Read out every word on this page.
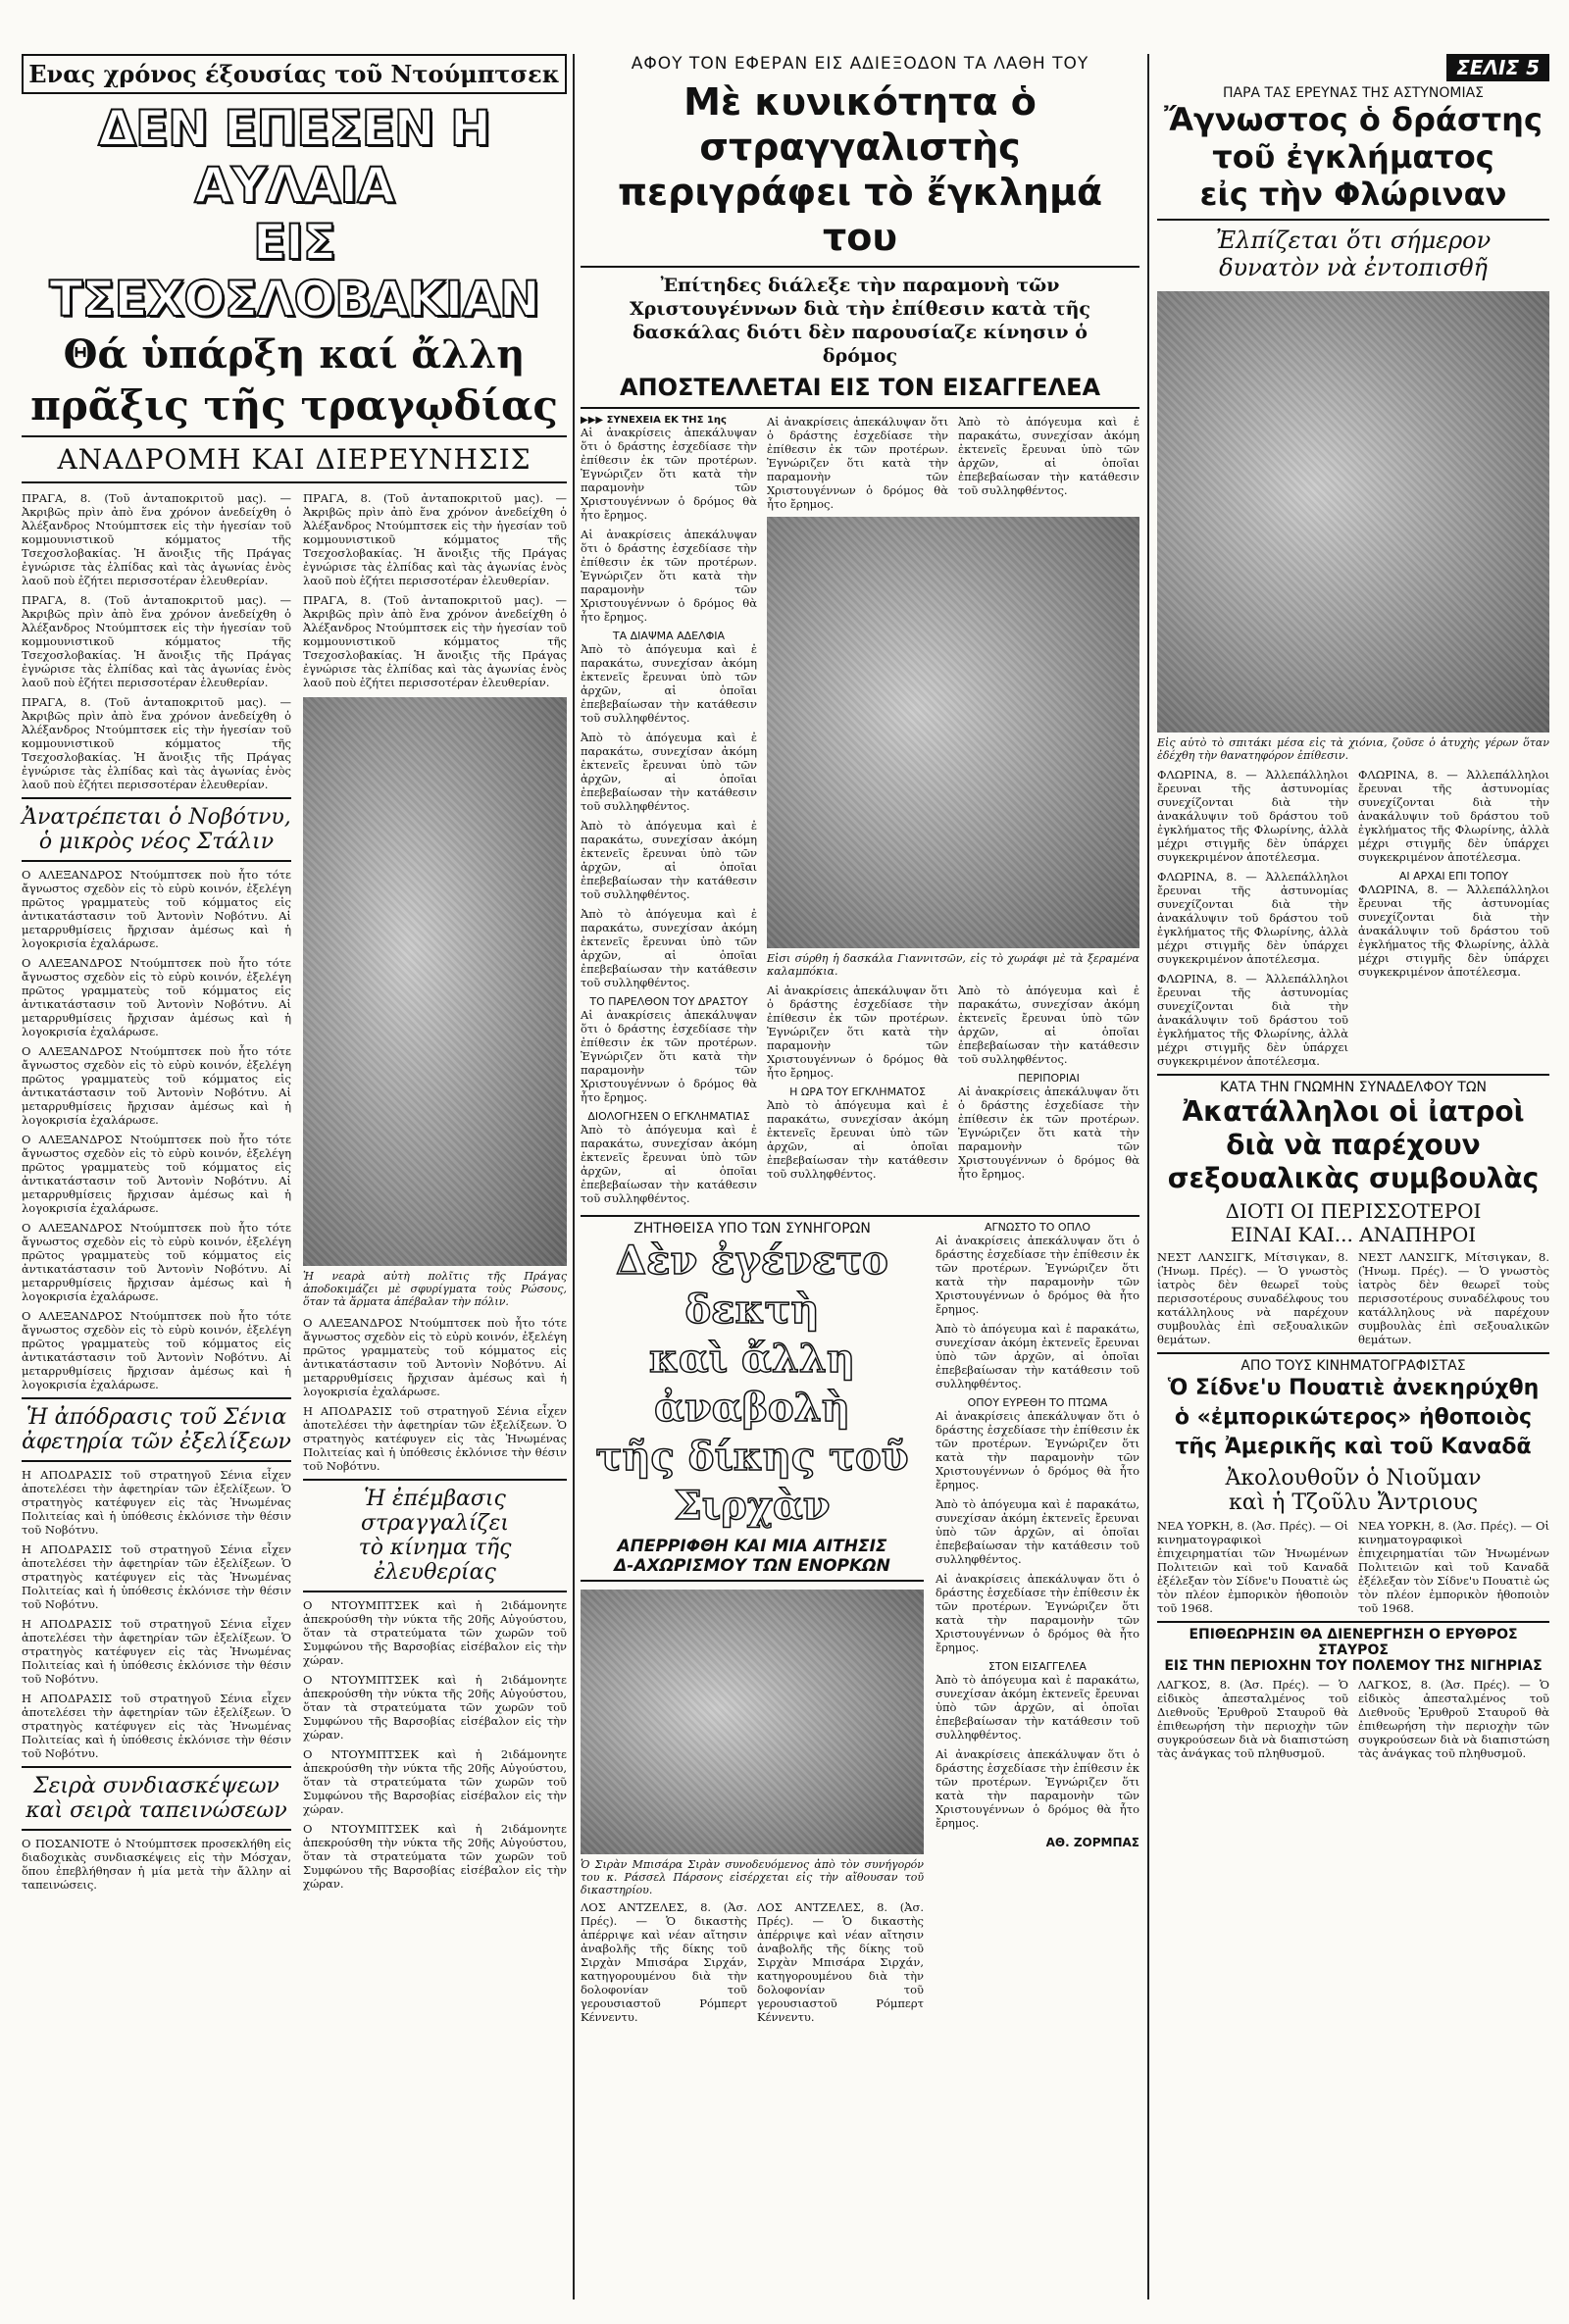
Ενας χρόνος έξουσίας τοῦ Ντούμπτσεκ
ΔΕΝ ΕΠΕΣΕΝ Η ΑΥΛΑΙΑ
ΕΙΣ ΤΣΕΧΟΣΛΟΒΑΚΙΑΝ
Θά ὑπάρξη καί ἄλλη
πρᾶξις τῆς τραγῳδίας
ΑΝΑΔΡΟΜΗ ΚΑΙ ΔΙΕΡΕΥΝΗΣΙΣ

ΠΡΑΓΑ, 8. (Τοῦ ἀνταποκριτοῦ μας). — Ἀκριβῶς πρὶν ἀπὸ ἕνα χρόνον ἀνεδείχθη ὁ Ἀλέξανδρος Ντούμπτσεκ εἰς τὴν ἡγεσίαν τοῦ κομμουνιστικοῦ κόμματος τῆς Τσεχοσλοβακίας. Ἡ ἄνοιξις τῆς Πράγας ἐγνώρισε τὰς ἐλπίδας καὶ τὰς ἀγωνίας ἑνὸς λαοῦ ποὺ ἐζήτει περισσοτέραν ἐλευθερίαν.

ΠΡΑΓΑ, 8. (Τοῦ ἀνταποκριτοῦ μας). — Ἀκριβῶς πρὶν ἀπὸ ἕνα χρόνον ἀνεδείχθη ὁ Ἀλέξανδρος Ντούμπτσεκ εἰς τὴν ἡγεσίαν τοῦ κομμουνιστικοῦ κόμματος τῆς Τσεχοσλοβακίας. Ἡ ἄνοιξις τῆς Πράγας ἐγνώρισε τὰς ἐλπίδας καὶ τὰς ἀγωνίας ἑνὸς λαοῦ ποὺ ἐζήτει περισσοτέραν ἐλευθερίαν.

ΠΡΑΓΑ, 8. (Τοῦ ἀνταποκριτοῦ μας). — Ἀκριβῶς πρὶν ἀπὸ ἕνα χρόνον ἀνεδείχθη ὁ Ἀλέξανδρος Ντούμπτσεκ εἰς τὴν ἡγεσίαν τοῦ κομμουνιστικοῦ κόμματος τῆς Τσεχοσλοβακίας. Ἡ ἄνοιξις τῆς Πράγας ἐγνώρισε τὰς ἐλπίδας καὶ τὰς ἀγωνίας ἑνὸς λαοῦ ποὺ ἐζήτει περισσοτέραν ἐλευθερίαν.

Ἀνατρέπεται ὁ Νοβότνυ,
ὁ μικρὸς νέος Στάλιν

Ο ΑΛΕΞΑΝΔΡΟΣ Ντούμπτσεκ ποὺ ἦτο τότε ἄγνωστος σχεδὸν εἰς τὸ εὐρὺ κοινόν, ἐξελέγη πρῶτος γραμματεὺς τοῦ κόμματος εἰς ἀντικατάστασιν τοῦ Ἀντονὶν Νοβότνυ. Αἱ μεταρρυθμίσεις ἤρχισαν ἀμέσως καὶ ἡ λογοκρισία ἐχαλάρωσε.

Ο ΑΛΕΞΑΝΔΡΟΣ Ντούμπτσεκ ποὺ ἦτο τότε ἄγνωστος σχεδὸν εἰς τὸ εὐρὺ κοινόν, ἐξελέγη πρῶτος γραμματεὺς τοῦ κόμματος εἰς ἀντικατάστασιν τοῦ Ἀντονὶν Νοβότνυ. Αἱ μεταρρυθμίσεις ἤρχισαν ἀμέσως καὶ ἡ λογοκρισία ἐχαλάρωσε.

Ο ΑΛΕΞΑΝΔΡΟΣ Ντούμπτσεκ ποὺ ἦτο τότε ἄγνωστος σχεδὸν εἰς τὸ εὐρὺ κοινόν, ἐξελέγη πρῶτος γραμματεὺς τοῦ κόμματος εἰς ἀντικατάστασιν τοῦ Ἀντονὶν Νοβότνυ. Αἱ μεταρρυθμίσεις ἤρχισαν ἀμέσως καὶ ἡ λογοκρισία ἐχαλάρωσε.

Ο ΑΛΕΞΑΝΔΡΟΣ Ντούμπτσεκ ποὺ ἦτο τότε ἄγνωστος σχεδὸν εἰς τὸ εὐρὺ κοινόν, ἐξελέγη πρῶτος γραμματεὺς τοῦ κόμματος εἰς ἀντικατάστασιν τοῦ Ἀντονὶν Νοβότνυ. Αἱ μεταρρυθμίσεις ἤρχισαν ἀμέσως καὶ ἡ λογοκρισία ἐχαλάρωσε.

Ο ΑΛΕΞΑΝΔΡΟΣ Ντούμπτσεκ ποὺ ἦτο τότε ἄγνωστος σχεδὸν εἰς τὸ εὐρὺ κοινόν, ἐξελέγη πρῶτος γραμματεὺς τοῦ κόμματος εἰς ἀντικατάστασιν τοῦ Ἀντονὶν Νοβότνυ. Αἱ μεταρρυθμίσεις ἤρχισαν ἀμέσως καὶ ἡ λογοκρισία ἐχαλάρωσε.

Ο ΑΛΕΞΑΝΔΡΟΣ Ντούμπτσεκ ποὺ ἦτο τότε ἄγνωστος σχεδὸν εἰς τὸ εὐρὺ κοινόν, ἐξελέγη πρῶτος γραμματεὺς τοῦ κόμματος εἰς ἀντικατάστασιν τοῦ Ἀντονὶν Νοβότνυ. Αἱ μεταρρυθμίσεις ἤρχισαν ἀμέσως καὶ ἡ λογοκρισία ἐχαλάρωσε.

Ἡ ἀπόδρασις τοῦ Σένια
ἀφετηρία τῶν ἐξελίξεων

Η ΑΠΟΔΡΑΣΙΣ τοῦ στρατηγοῦ Σένια εἶχεν ἀποτελέσει τὴν ἀφετηρίαν τῶν ἐξελίξεων. Ὁ στρατηγὸς κατέφυγεν εἰς τὰς Ἡνωμένας Πολιτείας καὶ ἡ ὑπόθεσις ἐκλόνισε τὴν θέσιν τοῦ Νοβότνυ.

Η ΑΠΟΔΡΑΣΙΣ τοῦ στρατηγοῦ Σένια εἶχεν ἀποτελέσει τὴν ἀφετηρίαν τῶν ἐξελίξεων. Ὁ στρατηγὸς κατέφυγεν εἰς τὰς Ἡνωμένας Πολιτείας καὶ ἡ ὑπόθεσις ἐκλόνισε τὴν θέσιν τοῦ Νοβότνυ.

Η ΑΠΟΔΡΑΣΙΣ τοῦ στρατηγοῦ Σένια εἶχεν ἀποτελέσει τὴν ἀφετηρίαν τῶν ἐξελίξεων. Ὁ στρατηγὸς κατέφυγεν εἰς τὰς Ἡνωμένας Πολιτείας καὶ ἡ ὑπόθεσις ἐκλόνισε τὴν θέσιν τοῦ Νοβότνυ.

Η ΑΠΟΔΡΑΣΙΣ τοῦ στρατηγοῦ Σένια εἶχεν ἀποτελέσει τὴν ἀφετηρίαν τῶν ἐξελίξεων. Ὁ στρατηγὸς κατέφυγεν εἰς τὰς Ἡνωμένας Πολιτείας καὶ ἡ ὑπόθεσις ἐκλόνισε τὴν θέσιν τοῦ Νοβότνυ.

Σειρὰ συνδιασκέψεων
καὶ σειρὰ ταπεινώσεων

Ο ΠΟΣΑΝΙΟΤΕ ὁ Ντούμπτσεκ προσεκλήθη εἰς διαδοχικὰς συνδιασκέψεις εἰς τὴν Μόσχαν, ὅπου ἐπεβλήθησαν ἡ μία μετὰ τὴν ἄλλην αἱ ταπεινώσεις.

ΠΡΑΓΑ, 8. (Τοῦ ἀνταποκριτοῦ μας). — Ἀκριβῶς πρὶν ἀπὸ ἕνα χρόνον ἀνεδείχθη ὁ Ἀλέξανδρος Ντούμπτσεκ εἰς τὴν ἡγεσίαν τοῦ κομμουνιστικοῦ κόμματος τῆς Τσεχοσλοβακίας. Ἡ ἄνοιξις τῆς Πράγας ἐγνώρισε τὰς ἐλπίδας καὶ τὰς ἀγωνίας ἑνὸς λαοῦ ποὺ ἐζήτει περισσοτέραν ἐλευθερίαν.

ΠΡΑΓΑ, 8. (Τοῦ ἀνταποκριτοῦ μας). — Ἀκριβῶς πρὶν ἀπὸ ἕνα χρόνον ἀνεδείχθη ὁ Ἀλέξανδρος Ντούμπτσεκ εἰς τὴν ἡγεσίαν τοῦ κομμουνιστικοῦ κόμματος τῆς Τσεχοσλοβακίας. Ἡ ἄνοιξις τῆς Πράγας ἐγνώρισε τὰς ἐλπίδας καὶ τὰς ἀγωνίας ἑνὸς λαοῦ ποὺ ἐζήτει περισσοτέραν ἐλευθερίαν.

Ἡ νεαρὰ αὐτὴ πολῖτις τῆς Πράγας ἀποδοκιμάζει μὲ σφυρίγματα τοὺς Ρώσους, ὅταν τὰ ἅρματα ἀπέβαλαν τὴν πόλιν.

Ο ΑΛΕΞΑΝΔΡΟΣ Ντούμπτσεκ ποὺ ἦτο τότε ἄγνωστος σχεδὸν εἰς τὸ εὐρὺ κοινόν, ἐξελέγη πρῶτος γραμματεὺς τοῦ κόμματος εἰς ἀντικατάστασιν τοῦ Ἀντονὶν Νοβότνυ. Αἱ μεταρρυθμίσεις ἤρχισαν ἀμέσως καὶ ἡ λογοκρισία ἐχαλάρωσε.

Η ΑΠΟΔΡΑΣΙΣ τοῦ στρατηγοῦ Σένια εἶχεν ἀποτελέσει τὴν ἀφετηρίαν τῶν ἐξελίξεων. Ὁ στρατηγὸς κατέφυγεν εἰς τὰς Ἡνωμένας Πολιτείας καὶ ἡ ὑπόθεσις ἐκλόνισε τὴν θέσιν τοῦ Νοβότνυ.

Ἡ ἐπέμβασις στραγγαλίζει
τὸ κίνημα τῆς ἐλευθερίας

Ο ΝΤΟΥΜΠΤΣΕΚ καὶ ἡ 2ιδάμονητε ἀπεκρούσθη τὴν νύκτα τῆς 20ῆς Αὐγούστου, ὅταν τὰ στρατεύματα τῶν χωρῶν τοῦ Συμφώνου τῆς Βαρσοβίας εἰσέβαλον εἰς τὴν χώραν.

Ο ΝΤΟΥΜΠΤΣΕΚ καὶ ἡ 2ιδάμονητε ἀπεκρούσθη τὴν νύκτα τῆς 20ῆς Αὐγούστου, ὅταν τὰ στρατεύματα τῶν χωρῶν τοῦ Συμφώνου τῆς Βαρσοβίας εἰσέβαλον εἰς τὴν χώραν.

Ο ΝΤΟΥΜΠΤΣΕΚ καὶ ἡ 2ιδάμονητε ἀπεκρούσθη τὴν νύκτα τῆς 20ῆς Αὐγούστου, ὅταν τὰ στρατεύματα τῶν χωρῶν τοῦ Συμφώνου τῆς Βαρσοβίας εἰσέβαλον εἰς τὴν χώραν.

Ο ΝΤΟΥΜΠΤΣΕΚ καὶ ἡ 2ιδάμονητε ἀπεκρούσθη τὴν νύκτα τῆς 20ῆς Αὐγούστου, ὅταν τὰ στρατεύματα τῶν χωρῶν τοῦ Συμφώνου τῆς Βαρσοβίας εἰσέβαλον εἰς τὴν χώραν.

ΑΦΟΥ ΤΟΝ ΕΦΕΡΑΝ ΕΙΣ ΑΔΙΕΞΟΔΟΝ ΤΑ ΛΑΘΗ ΤΟΥ
Μὲ κυνικότητα ὁ στραγγαλιστὴς
περιγράφει τὸ ἔγκλημά του
Ἐπίτηδες διάλεξε τὴν παραμονὴ τῶν Χριστουγέννων διὰ τὴν ἐπίθεσιν κατὰ τῆς δασκάλας διότι δὲν παρουσίαζε κίνησιν ὁ δρόμος
ΑΠΟΣΤΕΛΛΕΤΑΙ ΕΙΣ ΤΟΝ ΕΙΣΑΓΓΕΛΕΑ
▶▶▶ ΣΥΝΕΧΕΙΑ ΕΚ ΤΗΣ 1ης

Αἱ ἀνακρίσεις ἀπεκάλυψαν ὅτι ὁ δράστης ἐσχεδίασε τὴν ἐπίθεσιν ἐκ τῶν προτέρων. Ἐγνώριζεν ὅτι κατὰ τὴν παραμονὴν τῶν Χριστουγέννων ὁ δρόμος θὰ ἦτο ἔρημος.

Αἱ ἀνακρίσεις ἀπεκάλυψαν ὅτι ὁ δράστης ἐσχεδίασε τὴν ἐπίθεσιν ἐκ τῶν προτέρων. Ἐγνώριζεν ὅτι κατὰ τὴν παραμονὴν τῶν Χριστουγέννων ὁ δρόμος θὰ ἦτο ἔρημος.

ΤΑ ΔΙΑΨΜΑ ΑΔΕΛΦΙΑ

Ἀπὸ τὸ ἀπόγευμα καὶ ἐ παρακάτω, συνεχίσαν ἀκόμη ἐκτενεῖς ἔρευναι ὑπὸ τῶν ἀρχῶν, αἱ ὁποῖαι ἐπεβεβαίωσαν τὴν κατάθεσιν τοῦ συλληφθέντος.

Ἀπὸ τὸ ἀπόγευμα καὶ ἐ παρακάτω, συνεχίσαν ἀκόμη ἐκτενεῖς ἔρευναι ὑπὸ τῶν ἀρχῶν, αἱ ὁποῖαι ἐπεβεβαίωσαν τὴν κατάθεσιν τοῦ συλληφθέντος.

Ἀπὸ τὸ ἀπόγευμα καὶ ἐ παρακάτω, συνεχίσαν ἀκόμη ἐκτενεῖς ἔρευναι ὑπὸ τῶν ἀρχῶν, αἱ ὁποῖαι ἐπεβεβαίωσαν τὴν κατάθεσιν τοῦ συλληφθέντος.

Ἀπὸ τὸ ἀπόγευμα καὶ ἐ παρακάτω, συνεχίσαν ἀκόμη ἐκτενεῖς ἔρευναι ὑπὸ τῶν ἀρχῶν, αἱ ὁποῖαι ἐπεβεβαίωσαν τὴν κατάθεσιν τοῦ συλληφθέντος.

ΤΟ ΠΑΡΕΛΘΟΝ ΤΟΥ ΔΡΑΣΤΟΥ

Αἱ ἀνακρίσεις ἀπεκάλυψαν ὅτι ὁ δράστης ἐσχεδίασε τὴν ἐπίθεσιν ἐκ τῶν προτέρων. Ἐγνώριζεν ὅτι κατὰ τὴν παραμονὴν τῶν Χριστουγέννων ὁ δρόμος θὰ ἦτο ἔρημος.

ΔΙΟΛΟΓΗΣΕΝ Ο ΕΓΚΛΗΜΑΤΙΑΣ

Ἀπὸ τὸ ἀπόγευμα καὶ ἐ παρακάτω, συνεχίσαν ἀκόμη ἐκτενεῖς ἔρευναι ὑπὸ τῶν ἀρχῶν, αἱ ὁποῖαι ἐπεβεβαίωσαν τὴν κατάθεσιν τοῦ συλληφθέντος.

Αἱ ἀνακρίσεις ἀπεκάλυψαν ὅτι ὁ δράστης ἐσχεδίασε τὴν ἐπίθεσιν ἐκ τῶν προτέρων. Ἐγνώριζεν ὅτι κατὰ τὴν παραμονὴν τῶν Χριστουγέννων ὁ δρόμος θὰ ἦτο ἔρημος.

Ἀπὸ τὸ ἀπόγευμα καὶ ἐ παρακάτω, συνεχίσαν ἀκόμη ἐκτενεῖς ἔρευναι ὑπὸ τῶν ἀρχῶν, αἱ ὁποῖαι ἐπεβεβαίωσαν τὴν κατάθεσιν τοῦ συλληφθέντος.

Εἰσι σύρθη ἡ δασκάλα Γιαννιτσῶν, εἰς τὸ χωράφι μὲ τὰ ξεραμένα καλαμπόκια.

Αἱ ἀνακρίσεις ἀπεκάλυψαν ὅτι ὁ δράστης ἐσχεδίασε τὴν ἐπίθεσιν ἐκ τῶν προτέρων. Ἐγνώριζεν ὅτι κατὰ τὴν παραμονὴν τῶν Χριστουγέννων ὁ δρόμος θὰ ἦτο ἔρημος.

Η ΩΡΑ ΤΟΥ ΕΓΚΛΗΜΑΤΟΣ

Ἀπὸ τὸ ἀπόγευμα καὶ ἐ παρακάτω, συνεχίσαν ἀκόμη ἐκτενεῖς ἔρευναι ὑπὸ τῶν ἀρχῶν, αἱ ὁποῖαι ἐπεβεβαίωσαν τὴν κατάθεσιν τοῦ συλληφθέντος.

Ἀπὸ τὸ ἀπόγευμα καὶ ἐ παρακάτω, συνεχίσαν ἀκόμη ἐκτενεῖς ἔρευναι ὑπὸ τῶν ἀρχῶν, αἱ ὁποῖαι ἐπεβεβαίωσαν τὴν κατάθεσιν τοῦ συλληφθέντος.

ΠΕΡΙΠΟΡΙΑΙ

Αἱ ἀνακρίσεις ἀπεκάλυψαν ὅτι ὁ δράστης ἐσχεδίασε τὴν ἐπίθεσιν ἐκ τῶν προτέρων. Ἐγνώριζεν ὅτι κατὰ τὴν παραμονὴν τῶν Χριστουγέννων ὁ δρόμος θὰ ἦτο ἔρημος.

ΖΗΤΗΘΕΙΣΑ ΥΠΟ ΤΩΝ ΣΥΝΗΓΟΡΩΝ
Δὲν ἐγένετο δεκτὴ
καὶ ἄλλη ἀναβολὴ
τῆς δίκης τοῦ Σιρχὰν
ΑΠΕΡΡΙΦΘΗ ΚΑΙ ΜΙΑ ΑΙΤΗΣΙΣ
Δ-ΑΧΩΡΙΣΜΟΥ ΤΩΝ ΕΝΟΡΚΩΝ
Ὁ Σιρὰν Μπισάρα Σιρὰν συνοδευόμενος ἀπὸ τὸν συνήγορόν του κ. Ράσσελ Πάρσονς εἰσέρχεται εἰς τὴν αἴθουσαν τοῦ δικαστηρίου.

ΛΟΣ ΑΝΤΖΕΛΕΣ, 8. (Ἀσ. Πρές). — Ὁ δικαστὴς ἀπέρριψε καὶ νέαν αἴτησιν ἀναβολῆς τῆς δίκης τοῦ Σιρχὰν Μπισάρα Σιρχάν, κατηγορουμένου διὰ τὴν δολοφονίαν τοῦ γερουσιαστοῦ Ρόμπερτ Κέννεντυ.

ΛΟΣ ΑΝΤΖΕΛΕΣ, 8. (Ἀσ. Πρές). — Ὁ δικαστὴς ἀπέρριψε καὶ νέαν αἴτησιν ἀναβολῆς τῆς δίκης τοῦ Σιρχὰν Μπισάρα Σιρχάν, κατηγορουμένου διὰ τὴν δολοφονίαν τοῦ γερουσιαστοῦ Ρόμπερτ Κέννεντυ.

ΑΓΝΩΣΤΟ ΤΟ ΟΠΛΟ

Αἱ ἀνακρίσεις ἀπεκάλυψαν ὅτι ὁ δράστης ἐσχεδίασε τὴν ἐπίθεσιν ἐκ τῶν προτέρων. Ἐγνώριζεν ὅτι κατὰ τὴν παραμονὴν τῶν Χριστουγέννων ὁ δρόμος θὰ ἦτο ἔρημος.

Ἀπὸ τὸ ἀπόγευμα καὶ ἐ παρακάτω, συνεχίσαν ἀκόμη ἐκτενεῖς ἔρευναι ὑπὸ τῶν ἀρχῶν, αἱ ὁποῖαι ἐπεβεβαίωσαν τὴν κατάθεσιν τοῦ συλληφθέντος.

ΟΠΟΥ ΕΥΡΕΘΗ ΤΟ ΠΤΩΜΑ

Αἱ ἀνακρίσεις ἀπεκάλυψαν ὅτι ὁ δράστης ἐσχεδίασε τὴν ἐπίθεσιν ἐκ τῶν προτέρων. Ἐγνώριζεν ὅτι κατὰ τὴν παραμονὴν τῶν Χριστουγέννων ὁ δρόμος θὰ ἦτο ἔρημος.

Ἀπὸ τὸ ἀπόγευμα καὶ ἐ παρακάτω, συνεχίσαν ἀκόμη ἐκτενεῖς ἔρευναι ὑπὸ τῶν ἀρχῶν, αἱ ὁποῖαι ἐπεβεβαίωσαν τὴν κατάθεσιν τοῦ συλληφθέντος.

Αἱ ἀνακρίσεις ἀπεκάλυψαν ὅτι ὁ δράστης ἐσχεδίασε τὴν ἐπίθεσιν ἐκ τῶν προτέρων. Ἐγνώριζεν ὅτι κατὰ τὴν παραμονὴν τῶν Χριστουγέννων ὁ δρόμος θὰ ἦτο ἔρημος.

ΣΤΟΝ ΕΙΣΑΓΓΕΛΕΑ

Ἀπὸ τὸ ἀπόγευμα καὶ ἐ παρακάτω, συνεχίσαν ἀκόμη ἐκτενεῖς ἔρευναι ὑπὸ τῶν ἀρχῶν, αἱ ὁποῖαι ἐπεβεβαίωσαν τὴν κατάθεσιν τοῦ συλληφθέντος.

Αἱ ἀνακρίσεις ἀπεκάλυψαν ὅτι ὁ δράστης ἐσχεδίασε τὴν ἐπίθεσιν ἐκ τῶν προτέρων. Ἐγνώριζεν ὅτι κατὰ τὴν παραμονὴν τῶν Χριστουγέννων ὁ δρόμος θὰ ἦτο ἔρημος.

ΑΘ. ΖΟΡΜΠΑΣ
ΣΕΛΙΣ 5
ΠΑΡΑ ΤΑΣ ΕΡΕΥΝΑΣ ΤΗΣ ΑΣΤΥΝΟΜΙΑΣ
Ἄγνωστος ὁ δράστης
τοῦ ἐγκλήματος
εἰς τὴν Φλώριναν
Ἐλπίζεται ὅτι σήμερον
δυνατὸν νὰ ἐντοπισθῆ
Εἰς αὐτὸ τὸ σπιτάκι μέσα εἰς τὰ χιόνια, ζοῦσε ὁ ἀτυχὴς γέρων ὅταν ἐδέχθη τὴν θανατηφόρον ἐπίθεσιν.

ΦΛΩΡΙΝΑ, 8. — Ἀλλεπάλληλοι ἔρευναι τῆς ἀστυνομίας συνεχίζονται διὰ τὴν ἀνακάλυψιν τοῦ δράστου τοῦ ἐγκλήματος τῆς Φλωρίνης, ἀλλὰ μέχρι στιγμῆς δὲν ὑπάρχει συγκεκριμένον ἀποτέλεσμα.

ΦΛΩΡΙΝΑ, 8. — Ἀλλεπάλληλοι ἔρευναι τῆς ἀστυνομίας συνεχίζονται διὰ τὴν ἀνακάλυψιν τοῦ δράστου τοῦ ἐγκλήματος τῆς Φλωρίνης, ἀλλὰ μέχρι στιγμῆς δὲν ὑπάρχει συγκεκριμένον ἀποτέλεσμα.

ΦΛΩΡΙΝΑ, 8. — Ἀλλεπάλληλοι ἔρευναι τῆς ἀστυνομίας συνεχίζονται διὰ τὴν ἀνακάλυψιν τοῦ δράστου τοῦ ἐγκλήματος τῆς Φλωρίνης, ἀλλὰ μέχρι στιγμῆς δὲν ὑπάρχει συγκεκριμένον ἀποτέλεσμα.

ΦΛΩΡΙΝΑ, 8. — Ἀλλεπάλληλοι ἔρευναι τῆς ἀστυνομίας συνεχίζονται διὰ τὴν ἀνακάλυψιν τοῦ δράστου τοῦ ἐγκλήματος τῆς Φλωρίνης, ἀλλὰ μέχρι στιγμῆς δὲν ὑπάρχει συγκεκριμένον ἀποτέλεσμα.

ΑΙ ΑΡΧΑΙ ΕΠΙ ΤΟΠΟΥ

ΦΛΩΡΙΝΑ, 8. — Ἀλλεπάλληλοι ἔρευναι τῆς ἀστυνομίας συνεχίζονται διὰ τὴν ἀνακάλυψιν τοῦ δράστου τοῦ ἐγκλήματος τῆς Φλωρίνης, ἀλλὰ μέχρι στιγμῆς δὲν ὑπάρχει συγκεκριμένον ἀποτέλεσμα.

ΚΑΤΑ ΤΗΝ ΓΝΩΜΗΝ ΣΥΝΑΔΕΛΦΟΥ ΤΩΝ
Ἀκατάλληλοι οἱ ἰατροὶ
διὰ νὰ παρέχουν
σεξουαλικὰς συμβουλὰς
ΔΙΟΤΙ ΟΙ ΠΕΡΙΣΣΟΤΕΡΟΙ
ΕΙΝΑΙ ΚΑΙ... ΑΝΑΠΗΡΟΙ

ΝΕΣΤ ΛΑΝΣΙΓΚ, Μίτσιγκαν, 8. (Ἡνωμ. Πρές). — Ὁ γνωστὸς ἰατρὸς δὲν θεωρεῖ τοὺς περισσοτέρους συναδέλφους του κατάλληλους νὰ παρέχουν συμβουλὰς ἐπὶ σεξουαλικῶν θεμάτων.

ΝΕΣΤ ΛΑΝΣΙΓΚ, Μίτσιγκαν, 8. (Ἡνωμ. Πρές). — Ὁ γνωστὸς ἰατρὸς δὲν θεωρεῖ τοὺς περισσοτέρους συναδέλφους του κατάλληλους νὰ παρέχουν συμβουλὰς ἐπὶ σεξουαλικῶν θεμάτων.

ΑΠΟ ΤΟΥΣ ΚΙΝΗΜΑΤΟΓΡΑΦΙΣΤΑΣ
Ὁ Σίδνε'υ Πουατιὲ ἀνεκηρύχθη
ὁ «ἐμπορικώτερος» ἠθοποιὸς
τῆς Ἀμερικῆς καὶ τοῦ Καναδᾶ
Ἀκολουθοῦν ὁ Νιοῦμαν
καὶ ἡ Τζοῦλυ Ἄντριους

ΝΕΑ ΥΟΡΚΗ, 8. (Ἀσ. Πρές). — Οἱ κινηματογραφικοὶ ἐπιχειρηματίαι τῶν Ἡνωμένων Πολιτειῶν καὶ τοῦ Καναδᾶ ἐξέλεξαν τὸν Σίδνε'υ Πουατιὲ ὡς τὸν πλέον ἐμπορικὸν ἠθοποιὸν τοῦ 1968.

ΝΕΑ ΥΟΡΚΗ, 8. (Ἀσ. Πρές). — Οἱ κινηματογραφικοὶ ἐπιχειρηματίαι τῶν Ἡνωμένων Πολιτειῶν καὶ τοῦ Καναδᾶ ἐξέλεξαν τὸν Σίδνε'υ Πουατιὲ ὡς τὸν πλέον ἐμπορικὸν ἠθοποιὸν τοῦ 1968.

ΕΠΙΘΕΩΡΗΣΙΝ ΘΑ ΔΙΕΝΕΡΓΗΣΗ Ο ΕΡΥΘΡΟΣ ΣΤΑΥΡΟΣ
ΕΙΣ ΤΗΝ ΠΕΡΙΟΧΗΝ ΤΟΥ ΠΟΛΕΜΟΥ ΤΗΣ ΝΙΓΗΡΙΑΣ

ΛΑΓΚΟΣ, 8. (Ἀσ. Πρές). — Ὁ εἰδικὸς ἀπεσταλμένος τοῦ Διεθνοῦς Ἐρυθροῦ Σταυροῦ θὰ ἐπιθεωρήση τὴν περιοχὴν τῶν συγκρούσεων διὰ νὰ διαπιστώση τὰς ἀνάγκας τοῦ πληθυσμοῦ.

ΛΑΓΚΟΣ, 8. (Ἀσ. Πρές). — Ὁ εἰδικὸς ἀπεσταλμένος τοῦ Διεθνοῦς Ἐρυθροῦ Σταυροῦ θὰ ἐπιθεωρήση τὴν περιοχὴν τῶν συγκρούσεων διὰ νὰ διαπιστώση τὰς ἀνάγκας τοῦ πληθυσμοῦ.
